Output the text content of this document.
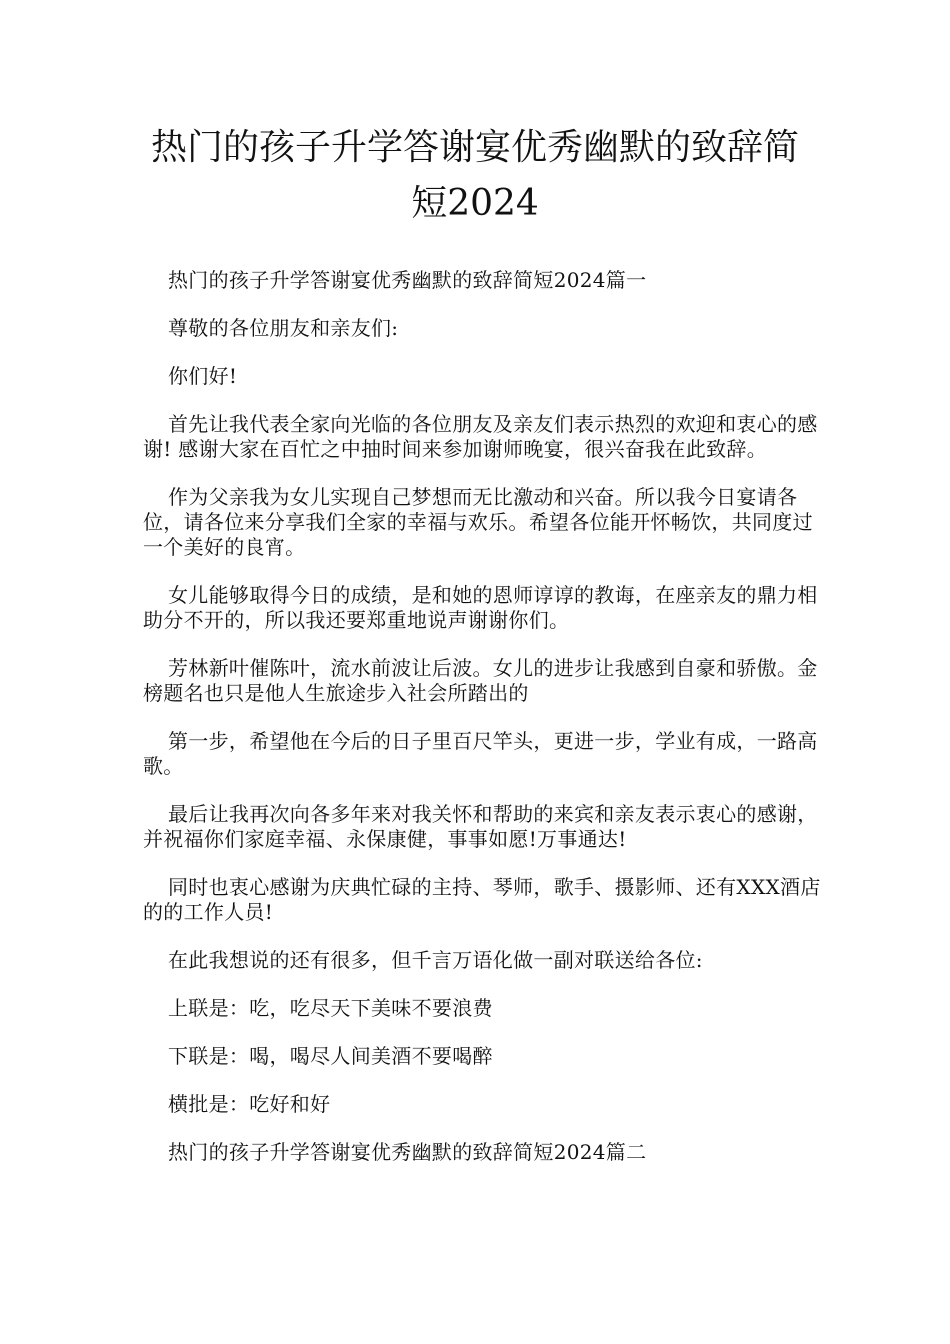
热门的孩子升学答谢宴优秀幽默的致辞简
短2024

热门的孩子升学答谢宴优秀幽默的致辞简短2024篇一

尊敬的各位朋友和亲友们:

你们好!

首先让我代表全家向光临的各位朋友及亲友们表示热烈的欢迎和衷心的感谢! 感谢大家在百忙之中抽时间来参加谢师晚宴，很兴奋我在此致辞。

作为父亲我为女儿实现自己梦想而无比激动和兴奋。所以我今日宴请各位，请各位来分享我们全家的幸福与欢乐。希望各位能开怀畅饮，共同度过一个美好的良宵。

女儿能够取得今日的成绩，是和她的恩师谆谆的教诲，在座亲友的鼎力相助分不开的，所以我还要郑重地说声谢谢你们。

芳林新叶催陈叶，流水前波让后波。女儿的进步让我感到自豪和骄傲。金榜题名也只是他人生旅途步入社会所踏出的

第一步，希望他在今后的日子里百尺竿头，更进一步，学业有成，一路高歌。

最后让我再次向各多年来对我关怀和帮助的来宾和亲友表示衷心的感谢，并祝福你们家庭幸福、永保康健，事事如愿!万事通达!

同时也衷心感谢为庆典忙碌的主持、琴师，歌手、摄影师、还有XXX酒店的的工作人员!

在此我想说的还有很多，但千言万语化做一副对联送给各位:

上联是：吃，吃尽天下美味不要浪费

下联是：喝，喝尽人间美酒不要喝醉

横批是：吃好和好

热门的孩子升学答谢宴优秀幽默的致辞简短2024篇二
